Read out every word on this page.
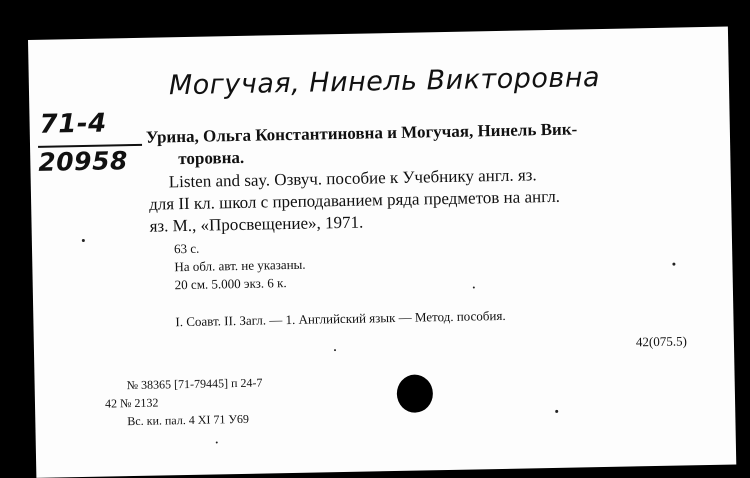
Могучая, Нинель Викторовна
71-4
20958
Урина, Ольга Константиновна и Могучая, Нинель Вик-
торовна.
Listen and say. Озвуч. пособие к Учебнику англ. яз.
для II кл. школ с преподаванием ряда предметов на англ.
яз. М., «Просвещение», 1971.
63 с.
На обл. авт. не указаны.
20 см. 5.000 экз. 6 к.
I. Соавт. II. Загл. — 1. Английский язык — Метод. пособия.
42(075.5)
№ 38365 [71-79445] п 24-7
42 № 2132
Вс. ки. пал. 4 XI 71 У69
